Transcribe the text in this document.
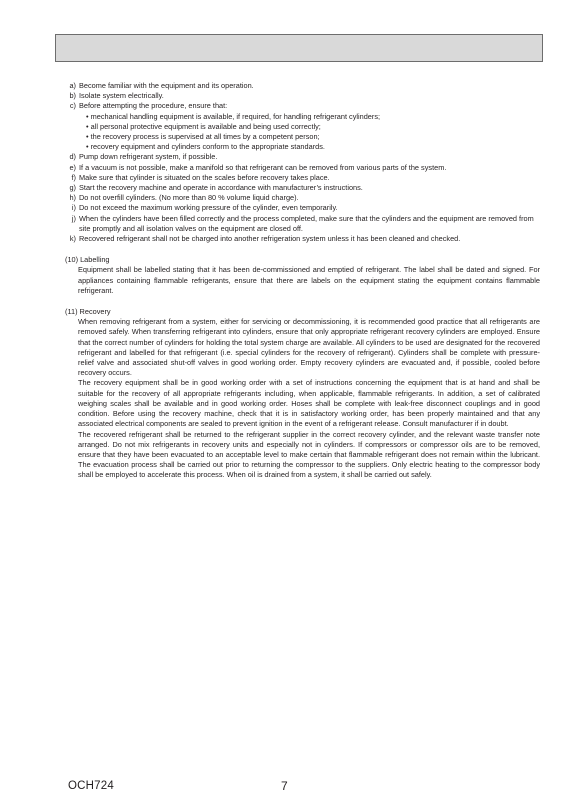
a) Become familiar with the equipment and its operation.
b) Isolate system electrically.
c) Before attempting the procedure, ensure that:
• mechanical handling equipment is available, if required, for handling refrigerant cylinders;
• all personal protective equipment is available and being used correctly;
• the recovery process is supervised at all times by a competent person;
• recovery equipment and cylinders conform to the appropriate standards.
d) Pump down refrigerant system, if possible.
e) If a vacuum is not possible, make a manifold so that refrigerant can be removed from various parts of the system.
f) Make sure that cylinder is situated on the scales before recovery takes place.
g) Start the recovery machine and operate in accordance with manufacturer’s instructions.
h) Do not overfill cylinders. (No more than 80 % volume liquid charge).
i) Do not exceed the maximum working pressure of the cylinder, even temporarily.
j) When the cylinders have been filled correctly and the process completed, make sure that the cylinders and the equipment are removed from site promptly and all isolation valves on the equipment are closed off.
k) Recovered refrigerant shall not be charged into another refrigeration system unless it has been cleaned and checked.
(10) Labelling
Equipment shall be labelled stating that it has been de-commissioned and emptied of refrigerant. The label shall be dated and signed. For appliances containing flammable refrigerants, ensure that there are labels on the equipment stating the equipment contains flammable refrigerant.
(11) Recovery
When removing refrigerant from a system, either for servicing or decommissioning, it is recommended good practice that all refrigerants are removed safely. When transferring refrigerant into cylinders, ensure that only appropriate refrigerant recovery cylinders are employed. Ensure that the correct number of cylinders for holding the total system charge are available. All cylinders to be used are designated for the recovered refrigerant and labelled for that refrigerant (i.e. special cylinders for the recovery of refrigerant). Cylinders shall be complete with pressure-relief valve and associated shut-off valves in good working order. Empty recovery cylinders are evacuated and, if possible, cooled before recovery occurs.
The recovery equipment shall be in good working order with a set of instructions concerning the equipment that is at hand and shall be suitable for the recovery of all appropriate refrigerants including, when applicable, flammable refrigerants. In addition, a set of calibrated weighing scales shall be available and in good working order. Hoses shall be complete with leak-free disconnect couplings and in good condition. Before using the recovery machine, check that it is in satisfactory working order, has been properly maintained and that any associated electrical components are sealed to prevent ignition in the event of a refrigerant release. Consult manufacturer if in doubt.
The recovered refrigerant shall be returned to the refrigerant supplier in the correct recovery cylinder, and the relevant waste transfer note arranged. Do not mix refrigerants in recovery units and especially not in cylinders. If compressors or compressor oils are to be removed, ensure that they have been evacuated to an acceptable level to make certain that flammable refrigerant does not remain within the lubricant. The evacuation process shall be carried out prior to returning the compressor to the suppliers. Only electric heating to the compressor body shall be employed to accelerate this process. When oil is drained from a system, it shall be carried out safely.
OCH724	7
